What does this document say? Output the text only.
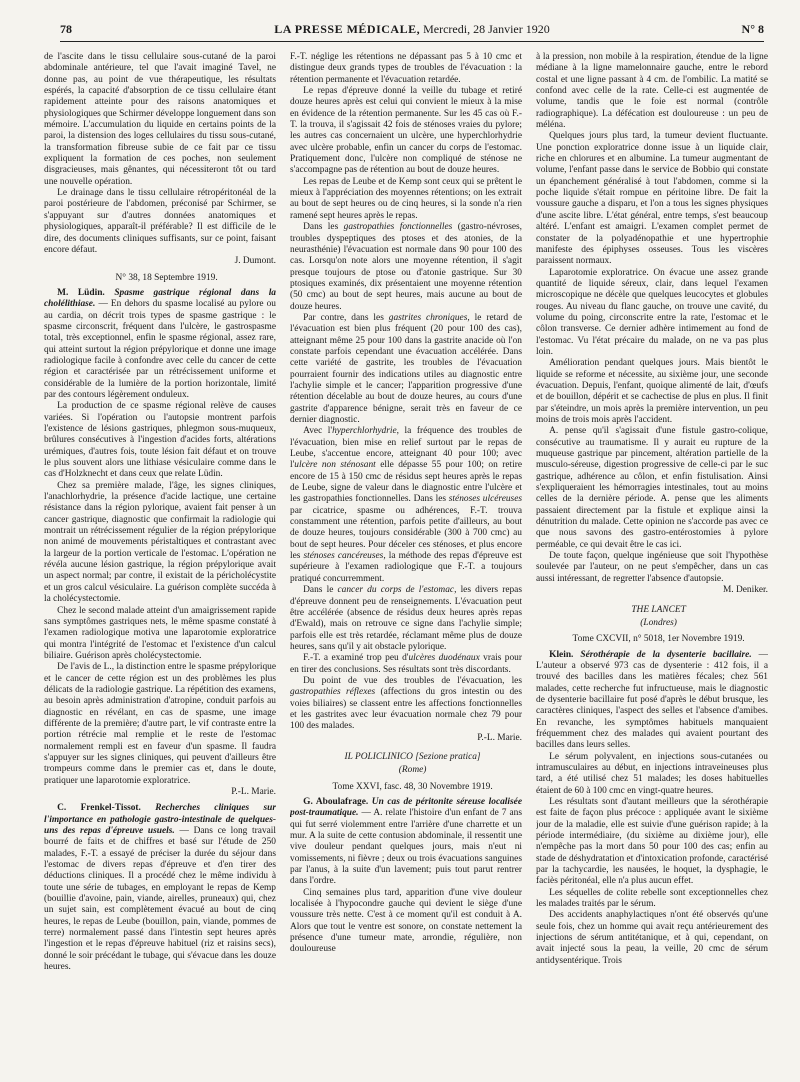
78	LA PRESSE MÉDICALE, Mercredi, 28 Janvier 1920	N° 8

de l'ascite dans le tissu cellulaire sous-cutané de la paroi abdominale antérieure, tel que l'avait imaginé Tavel, ne donne pas, au point de vue thérapeutique, les résultats espérés, la capacité d'absorption de ce tissu cellulaire étant rapidement atteinte pour des raisons anatomiques et physiologiques que Schirmer développe longuement dans son mémoire. L'accumulation du liquide en certains points de la paroi, la distension des loges cellulaires du tissu sous-cutané, la transformation fibreuse subie de ce fait par ce tissu expliquent la formation de ces poches, non seulement disgracieuses, mais gênantes, qui nécessiteront tôt ou tard une nouvelle opération.

Le drainage dans le tissu cellulaire rétropéritonéal de la paroi postérieure de l'abdomen, préconisé par Schirmer, se s'appuyant sur d'autres données anatomiques et physiologiques, apparaît-il préférable? Il est difficile de le dire, des documents cliniques suffisants, sur ce point, faisant encore défaut.

J. Dumont.

N° 38, 18 Septembre 1919.

M. Lüdin. Spasme gastrique régional dans la cholélithiase. — En dehors du spasme localisé au pylore ou au cardia, on décrit trois types de spasme gastrique : le spasme circonscrit, fréquent dans l'ulcère, le gastrospasme total, très exceptionnel, enfin le spasme régional, assez rare, qui atteint surtout la région prépylorique et donne une image radiologique facile à confondre avec celle du cancer de cette région et caractérisée par un rétrécissement uniforme et considérable de la lumière de la portion horizontale, limité par des contours légèrement onduleux.

La production de ce spasme régional relève de causes variées. Si l'opération ou l'autopsie montrent parfois l'existence de lésions gastriques, phlegmon sous-muqueux, brûlures consécutives à l'ingestion d'acides forts, altérations urémiques, d'autres fois, toute lésion fait défaut et on trouve le plus souvent alors une lithiase vésiculaire comme dans le cas d'Holzknecht et dans ceux que relate Lüdin.

Chez sa première malade, l'âge, les signes cliniques, l'anachlorhydrie, la présence d'acide lactique, une certaine résistance dans la région pylorique, avaient fait penser à un cancer gastrique, diagnostic que confirmait la radiologie qui montrait un rétrécissement régulier de la région prépylorique non animé de mouvements péristaltiques et contrastant avec la largeur de la portion verticale de l'estomac. L'opération ne révéla aucune lésion gastrique, la région prépylorique avait un aspect normal; par contre, il existait de la péricholécystite et un gros calcul vésiculaire. La guérison complète succéda à la cholécystectomie.

Chez le second malade atteint d'un amaigrissement rapide sans symptômes gastriques nets, le même spasme constaté à l'examen radiologique motiva une laparotomie exploratrice qui montra l'intégrité de l'estomac et l'existence d'un calcul biliaire. Guérison après cholécystectomie.

De l'avis de L., la distinction entre le spasme prépylorique et le cancer de cette région est un des problèmes les plus délicats de la radiologie gastrique. La répétition des examens, au besoin après administration d'atropine, conduit parfois au diagnostic en révélant, en cas de spasme, une image différente de la première; d'autre part, le vif contraste entre la portion rétrécie mal remplie et le reste de l'estomac normalement rempli est en faveur d'un spasme. Il faudra s'appuyer sur les signes cliniques, qui peuvent d'ailleurs être trompeurs comme dans le premier cas et, dans le doute, pratiquer une laparotomie exploratrice.

P.-L. Marie.

C. Frenkel-Tissot. Recherches cliniques sur l'importance en pathologie gastro-intestinale de quelques-uns des repas d'épreuve usuels. — Dans ce long travail bourré de faits et de chiffres et basé sur l'étude de 250 malades, F.-T. a essayé de préciser la durée du séjour dans l'estomac de divers repas d'épreuve et d'en tirer des déductions cliniques. Il a procédé chez le même individu à toute une série de tubages, en employant le repas de Kemp (bouillie d'avoine, pain, viande, airelles, pruneaux) qui, chez un sujet sain, est complètement évacué au bout de cinq heures, le repas de Leube (bouillon, pain, viande, pommes de terre) normalement passé dans l'intestin sept heures après l'ingestion et le repas d'épreuve habituel (riz et raisins secs), donné le soir précédant le tubage, qui s'évacue dans les douze heures.

F.-T. néglige les rétentions ne dépassant pas 5 à 10 cmc et distingue deux grands types de troubles de l'évacuation : la rétention permanente et l'évacuation retardée.

Le repas d'épreuve donné la veille du tubage et retiré douze heures après est celui qui convient le mieux à la mise en évidence de la rétention permanente. Sur les 45 cas où F.-T. la trouva, il s'agissait 42 fois de sténoses vraies du pylore; les autres cas concernaient un ulcère, une hyperchlorhydrie avec ulcère probable, enfin un cancer du corps de l'estomac. Pratiquement donc, l'ulcère non compliqué de sténose ne s'accompagne pas de rétention au bout de douze heures.

Les repas de Leube et de Kemp sont ceux qui se prêtent le mieux à l'appréciation des moyennes rétentions; on les extrait au bout de sept heures ou de cinq heures, si la sonde n'a rien ramené sept heures après le repas.

Dans les gastropathies fonctionnelles (gastro-névroses, troubles dyspeptiques des ptoses et des atonies, de la neurasthénie) l'évacuation est normale dans 90 pour 100 des cas. Lorsqu'on note alors une moyenne rétention, il s'agit presque toujours de ptose ou d'atonie gastrique. Sur 30 ptosiques examinés, dix présentaient une moyenne rétention (50 cmc) au bout de sept heures, mais aucune au bout de douze heures.

Par contre, dans les gastrites chroniques, le retard de l'évacuation est bien plus fréquent (20 pour 100 des cas), atteignant même 25 pour 100 dans la gastrite anacide où l'on constate parfois cependant une évacuation accélérée. Dans cette variété de gastrite, les troubles de l'évacuation pourraient fournir des indications utiles au diagnostic entre l'achylie simple et le cancer; l'apparition progressive d'une rétention décelable au bout de douze heures, au cours d'une gastrite d'apparence bénigne, serait très en faveur de ce dernier diagnostic.

Avec l'hyperchlorhydrie, la fréquence des troubles de l'évacuation, bien mise en relief surtout par le repas de Leube, s'accentue encore, atteignant 40 pour 100; avec l'ulcère non sténosant elle dépasse 55 pour 100; on retire encore de 15 à 150 cmc de résidus sept heures après le repas de Leube, signe de valeur dans le diagnostic entre l'ulcère et les gastropathies fonctionnelles. Dans les sténoses ulcéreuses par cicatrice, spasme ou adhérences, F.-T. trouva constamment une rétention, parfois petite d'ailleurs, au bout de douze heures, toujours considérable (300 à 700 cmc) au bout de sept heures. Pour déceler ces sténoses, et plus encore les sténoses cancéreuses, la méthode des repas d'épreuve est supérieure à l'examen radiologique que F.-T. a toujours pratiqué concurremment.

Dans le cancer du corps de l'estomac, les divers repas d'épreuve donnent peu de renseignements. L'évacuation peut être accélérée (absence de résidus deux heures après repas d'Ewald), mais on retrouve ce signe dans l'achylie simple; parfois elle est très retardée, réclamant même plus de douze heures, sans qu'il y ait obstacle pylorique.

F.-T. a examiné trop peu d'ulcères duodénaux vrais pour en tirer des conclusions. Ses résultats sont très discordants.

Du point de vue des troubles de l'évacuation, les gastropathies réflexes (affections du gros intestin ou des voies biliaires) se classent entre les affections fonctionnelles et les gastrites avec leur évacuation normale chez 79 pour 100 des malades.

P.-L. Marie.

IL POLICLINICO [Sezione pratica]

(Rome)

Tome XXVI, fasc. 48, 30 Novembre 1919.

G. Aboulafrage. Un cas de péritonite séreuse localisée post-traumatique. — A. relate l'histoire d'un enfant de 7 ans qui fut serré violemment entre l'arrière d'une charrette et un mur. A la suite de cette contusion abdominale, il ressentit une vive douleur pendant quelques jours, mais n'eut ni vomissements, ni fièvre ; deux ou trois évacuations sanguines par l'anus, à la suite d'un lavement; puis tout parut rentrer dans l'ordre.

Cinq semaines plus tard, apparition d'une vive douleur localisée à l'hypocondre gauche qui devient le siège d'une voussure très nette. C'est à ce moment qu'il est conduit à A. Alors que tout le ventre est sonore, on constate nettement la présence d'une tumeur mate, arrondie, régulière, non douloureuse

à la pression, non mobile à la respiration, étendue de la ligne médiane à la ligne mamelonnaire gauche, entre le rebord costal et une ligne passant à 4 cm. de l'ombilic. La matité se confond avec celle de la rate. Celle-ci est augmentée de volume, tandis que le foie est normal (contrôle radiographique). La défécation est douloureuse : un peu de méléna.

Quelques jours plus tard, la tumeur devient fluctuante. Une ponction exploratrice donne issue à un liquide clair, riche en chlorures et en albumine. La tumeur augmentant de volume, l'enfant passe dans le service de Bobbio qui constate un épanchement généralisé à tout l'abdomen, comme si la poche liquide s'était rompue en péritoine libre. De fait la voussure gauche a disparu, et l'on a tous les signes physiques d'une ascite libre. L'état général, entre temps, s'est beaucoup altéré. L'enfant est amaigri. L'examen complet permet de constater de la polyadénopathie et une hypertrophie manifeste des épiphyses osseuses. Tous les viscères paraissent normaux.

Laparotomie exploratrice. On évacue une assez grande quantité de liquide séreux, clair, dans lequel l'examen microscopique ne décèle que quelques leucocytes et globules rouges. Au niveau du flanc gauche, on trouve une cavité, du volume du poing, circonscrite entre la rate, l'estomac et le côlon transverse. Ce dernier adhère intimement au fond de l'estomac. Vu l'état précaire du malade, on ne va pas plus loin.

Amélioration pendant quelques jours. Mais bientôt le liquide se reforme et nécessite, au sixième jour, une seconde évacuation. Depuis, l'enfant, quoique alimenté de lait, d'œufs et de bouillon, dépérit et se cachectise de plus en plus. Il finit par s'éteindre, un mois après la première intervention, un peu moins de trois mois après l'accident.

A. pense qu'il s'agissait d'une fistule gastro-colique, consécutive au traumatisme. Il y aurait eu rupture de la muqueuse gastrique par pincement, altération partielle de la musculo-séreuse, digestion progressive de celle-ci par le suc gastrique, adhérence au côlon, et enfin fistulisation. Ainsi s'expliqueraient les hémorragies intestinales, tout au moins celles de la dernière période. A. pense que les aliments passaient directement par la fistule et explique ainsi la dénutrition du malade. Cette opinion ne s'accorde pas avec ce que nous savons des gastro-entérostomies à pylore perméable, ce qui devait être le cas ici.

De toute façon, quelque ingénieuse que soit l'hypothèse soulevée par l'auteur, on ne peut s'empêcher, dans un cas aussi intéressant, de regretter l'absence d'autopsie.

M. Deniker.

THE LANCET

(Londres)

Tome CXCVII, n° 5018, 1er Novembre 1919.

Klein. Sérothérapie de la dysenterie bacillaire. — L'auteur a observé 973 cas de dysenterie : 412 fois, il a trouvé des bacilles dans les matières fécales; chez 561 malades, cette recherche fut infructueuse, mais le diagnostic de dysenterie bacillaire fut posé d'après le début brusque, les caractères cliniques, l'aspect des selles et l'absence d'amibes. En revanche, les symptômes habituels manquaient fréquemment chez des malades qui avaient pourtant des bacilles dans leurs selles.

Le sérum polyvalent, en injections sous-cutanées ou intramusculaires au début, en injections intraveineuses plus tard, a été utilisé chez 51 malades; les doses habituelles étaient de 60 à 100 cmc en vingt-quatre heures.

Les résultats sont d'autant meilleurs que la sérothérapie est faite de façon plus précoce : appliquée avant le sixième jour de la maladie, elle est suivie d'une guérison rapide; à la période intermédiaire, (du sixième au dixième jour), elle n'empêche pas la mort dans 50 pour 100 des cas; enfin au stade de déshydratation et d'intoxication profonde, caractérisé par la tachycardie, les nausées, le hoquet, la dysphagie, le faciès péritonéal, elle n'a plus aucun effet.

Les séquelles de colite rebelle sont exceptionnelles chez les malades traités par le sérum.

Des accidents anaphylactiques n'ont été observés qu'une seule fois, chez un homme qui avait reçu antérieurement des injections de sérum antitétanique, et à qui, cependant, on avait injecté sous la peau, la veille, 20 cmc de sérum antidysentérique. Trois
